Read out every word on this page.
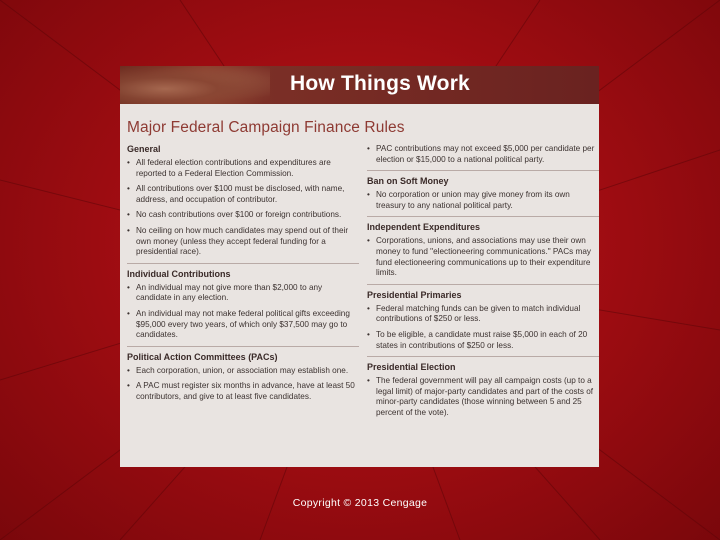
How Things Work
Major Federal Campaign Finance Rules
General
• All federal election contributions and expenditures are reported to a Federal Election Commission.
• All contributions over $100 must be disclosed, with name, address, and occupation of contributor.
• No cash contributions over $100 or foreign contributions.
• No ceiling on how much candidates may spend out of their own money (unless they accept federal funding for a presidential race).
Individual Contributions
• An individual may not give more than $2,000 to any candidate in any election.
• An individual may not make federal political gifts exceeding $95,000 every two years, of which only $37,500 may go to candidates.
Political Action Committees (PACs)
• Each corporation, union, or association may establish one.
• A PAC must register six months in advance, have at least 50 contributors, and give to at least five candidates.
• PAC contributions may not exceed $5,000 per candidate per election or $15,000 to a national political party.
Ban on Soft Money
• No corporation or union may give money from its own treasury to any national political party.
Independent Expenditures
• Corporations, unions, and associations may use their own money to fund "electioneering communications." PACs may fund electioneering communications up to their expenditure limits.
Presidential Primaries
• Federal matching funds can be given to match individual contributions of $250 or less.
• To be eligible, a candidate must raise $5,000 in each of 20 states in contributions of $250 or less.
Presidential Election
• The federal government will pay all campaign costs (up to a legal limit) of major-party candidates and part of the costs of minor-party candidates (those winning between 5 and 25 percent of the vote).
Copyright © 2013 Cengage
